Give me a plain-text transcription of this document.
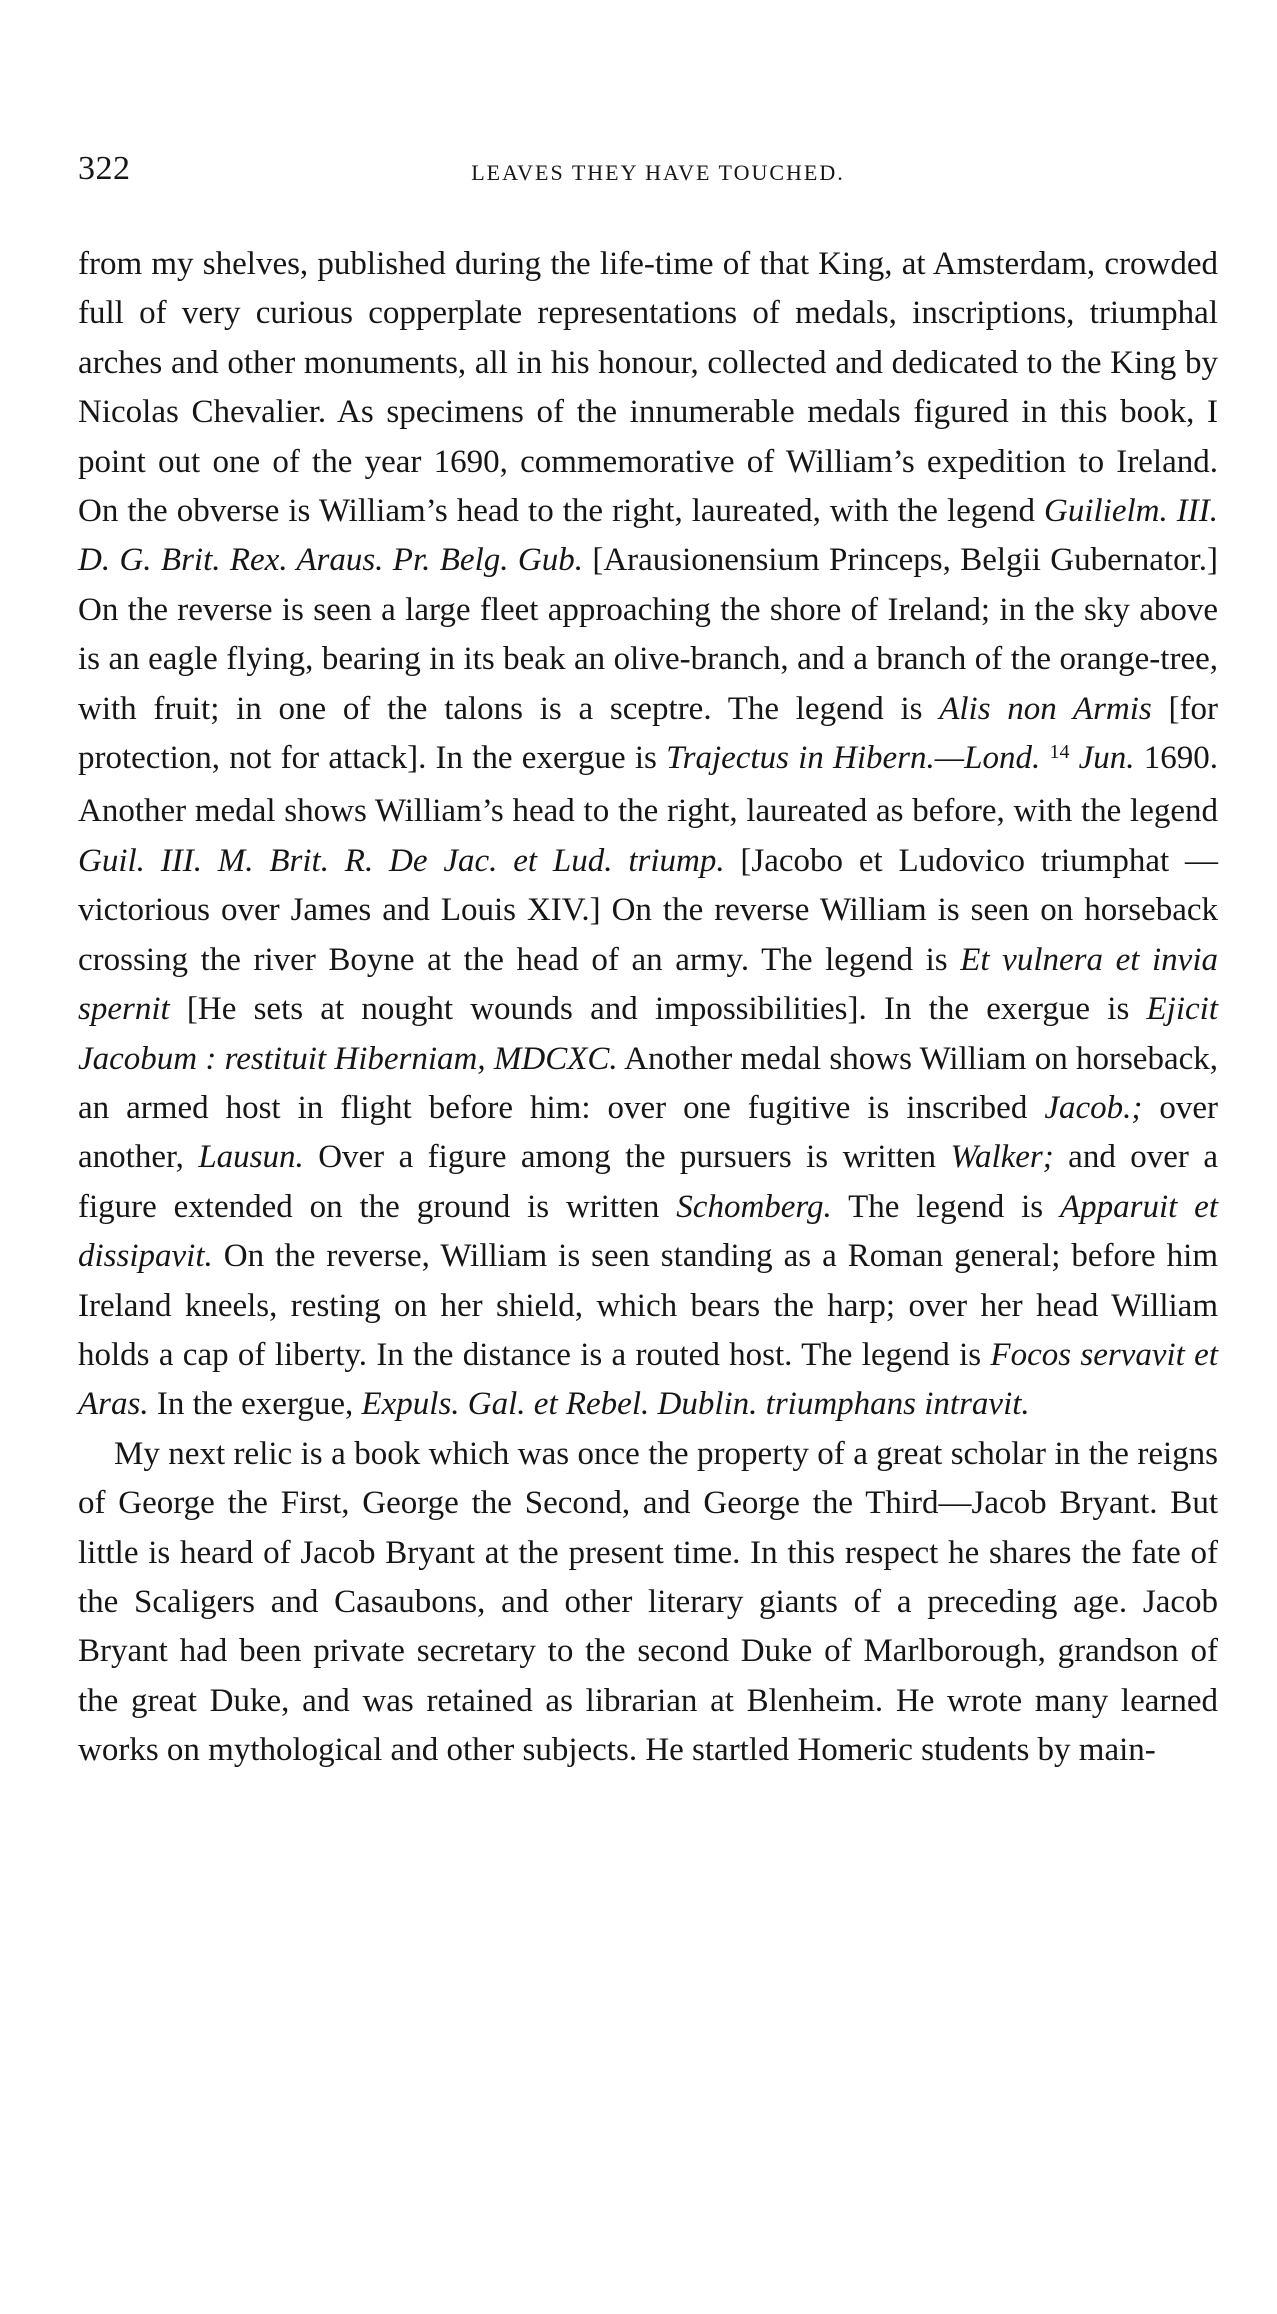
322	LEAVES THEY HAVE TOUCHED.

from my shelves, published during the life-time of that King, at Amsterdam, crowded full of very curious copperplate representations of medals, inscriptions, triumphal arches and other monuments, all in his honour, collected and dedicated to the King by Nicolas Chevalier. As specimens of the innumerable medals figured in this book, I point out one of the year 1690, commemorative of William’s expedition to Ireland. On the obverse is William’s head to the right, laureated, with the legend Guilielm. III. D. G. Brit. Rex. Araus. Pr. Belg. Gub. [Arausionensium Princeps, Belgii Gubernator.] On the reverse is seen a large fleet approaching the shore of Ireland; in the sky above is an eagle flying, bearing in its beak an olive-branch, and a branch of the orange-tree, with fruit; in one of the talons is a sceptre. The legend is Alis non Armis [for protection, not for attack]. In the exergue is Trajectus in Hibern.—Lond. $^{14}$ Jun. 1690. Another medal shows William’s head to the right, laureated as before, with the legend Guil. III. M. Brit. R. De Jac. et Lud. triump. [Jacobo et Ludovico triumphat — victorious over James and Louis XIV.] On the reverse William is seen on horseback crossing the river Boyne at the head of an army. The legend is Et vulnera et invia spernit [He sets at nought wounds and impossibilities]. In the exergue is Ejicit Jacobum : restituit Hiberniam, MDCXC. Another medal shows William on horseback, an armed host in flight before him: over one fugitive is inscribed Jacob.; over another, Lausun. Over a figure among the pursuers is written Walker; and over a figure extended on the ground is written Schomberg. The legend is Apparuit et dissipavit. On the reverse, William is seen standing as a Roman general; before him Ireland kneels, resting on her shield, which bears the harp; over her head William holds a cap of liberty. In the distance is a routed host. The legend is Focos servavit et Aras. In the exergue, Expuls. Gal. et Rebel. Dublin. triumphans intravit.

My next relic is a book which was once the property of a great scholar in the reigns of George the First, George the Second, and George the Third—Jacob Bryant. But little is heard of Jacob Bryant at the present time. In this respect he shares the fate of the Scaligers and Casaubons, and other literary giants of a preceding age. Jacob Bryant had been private secretary to the second Duke of Marlborough, grandson of the great Duke, and was retained as librarian at Blenheim. He wrote many learned works on mythological and other subjects. He startled Homeric students by main-
